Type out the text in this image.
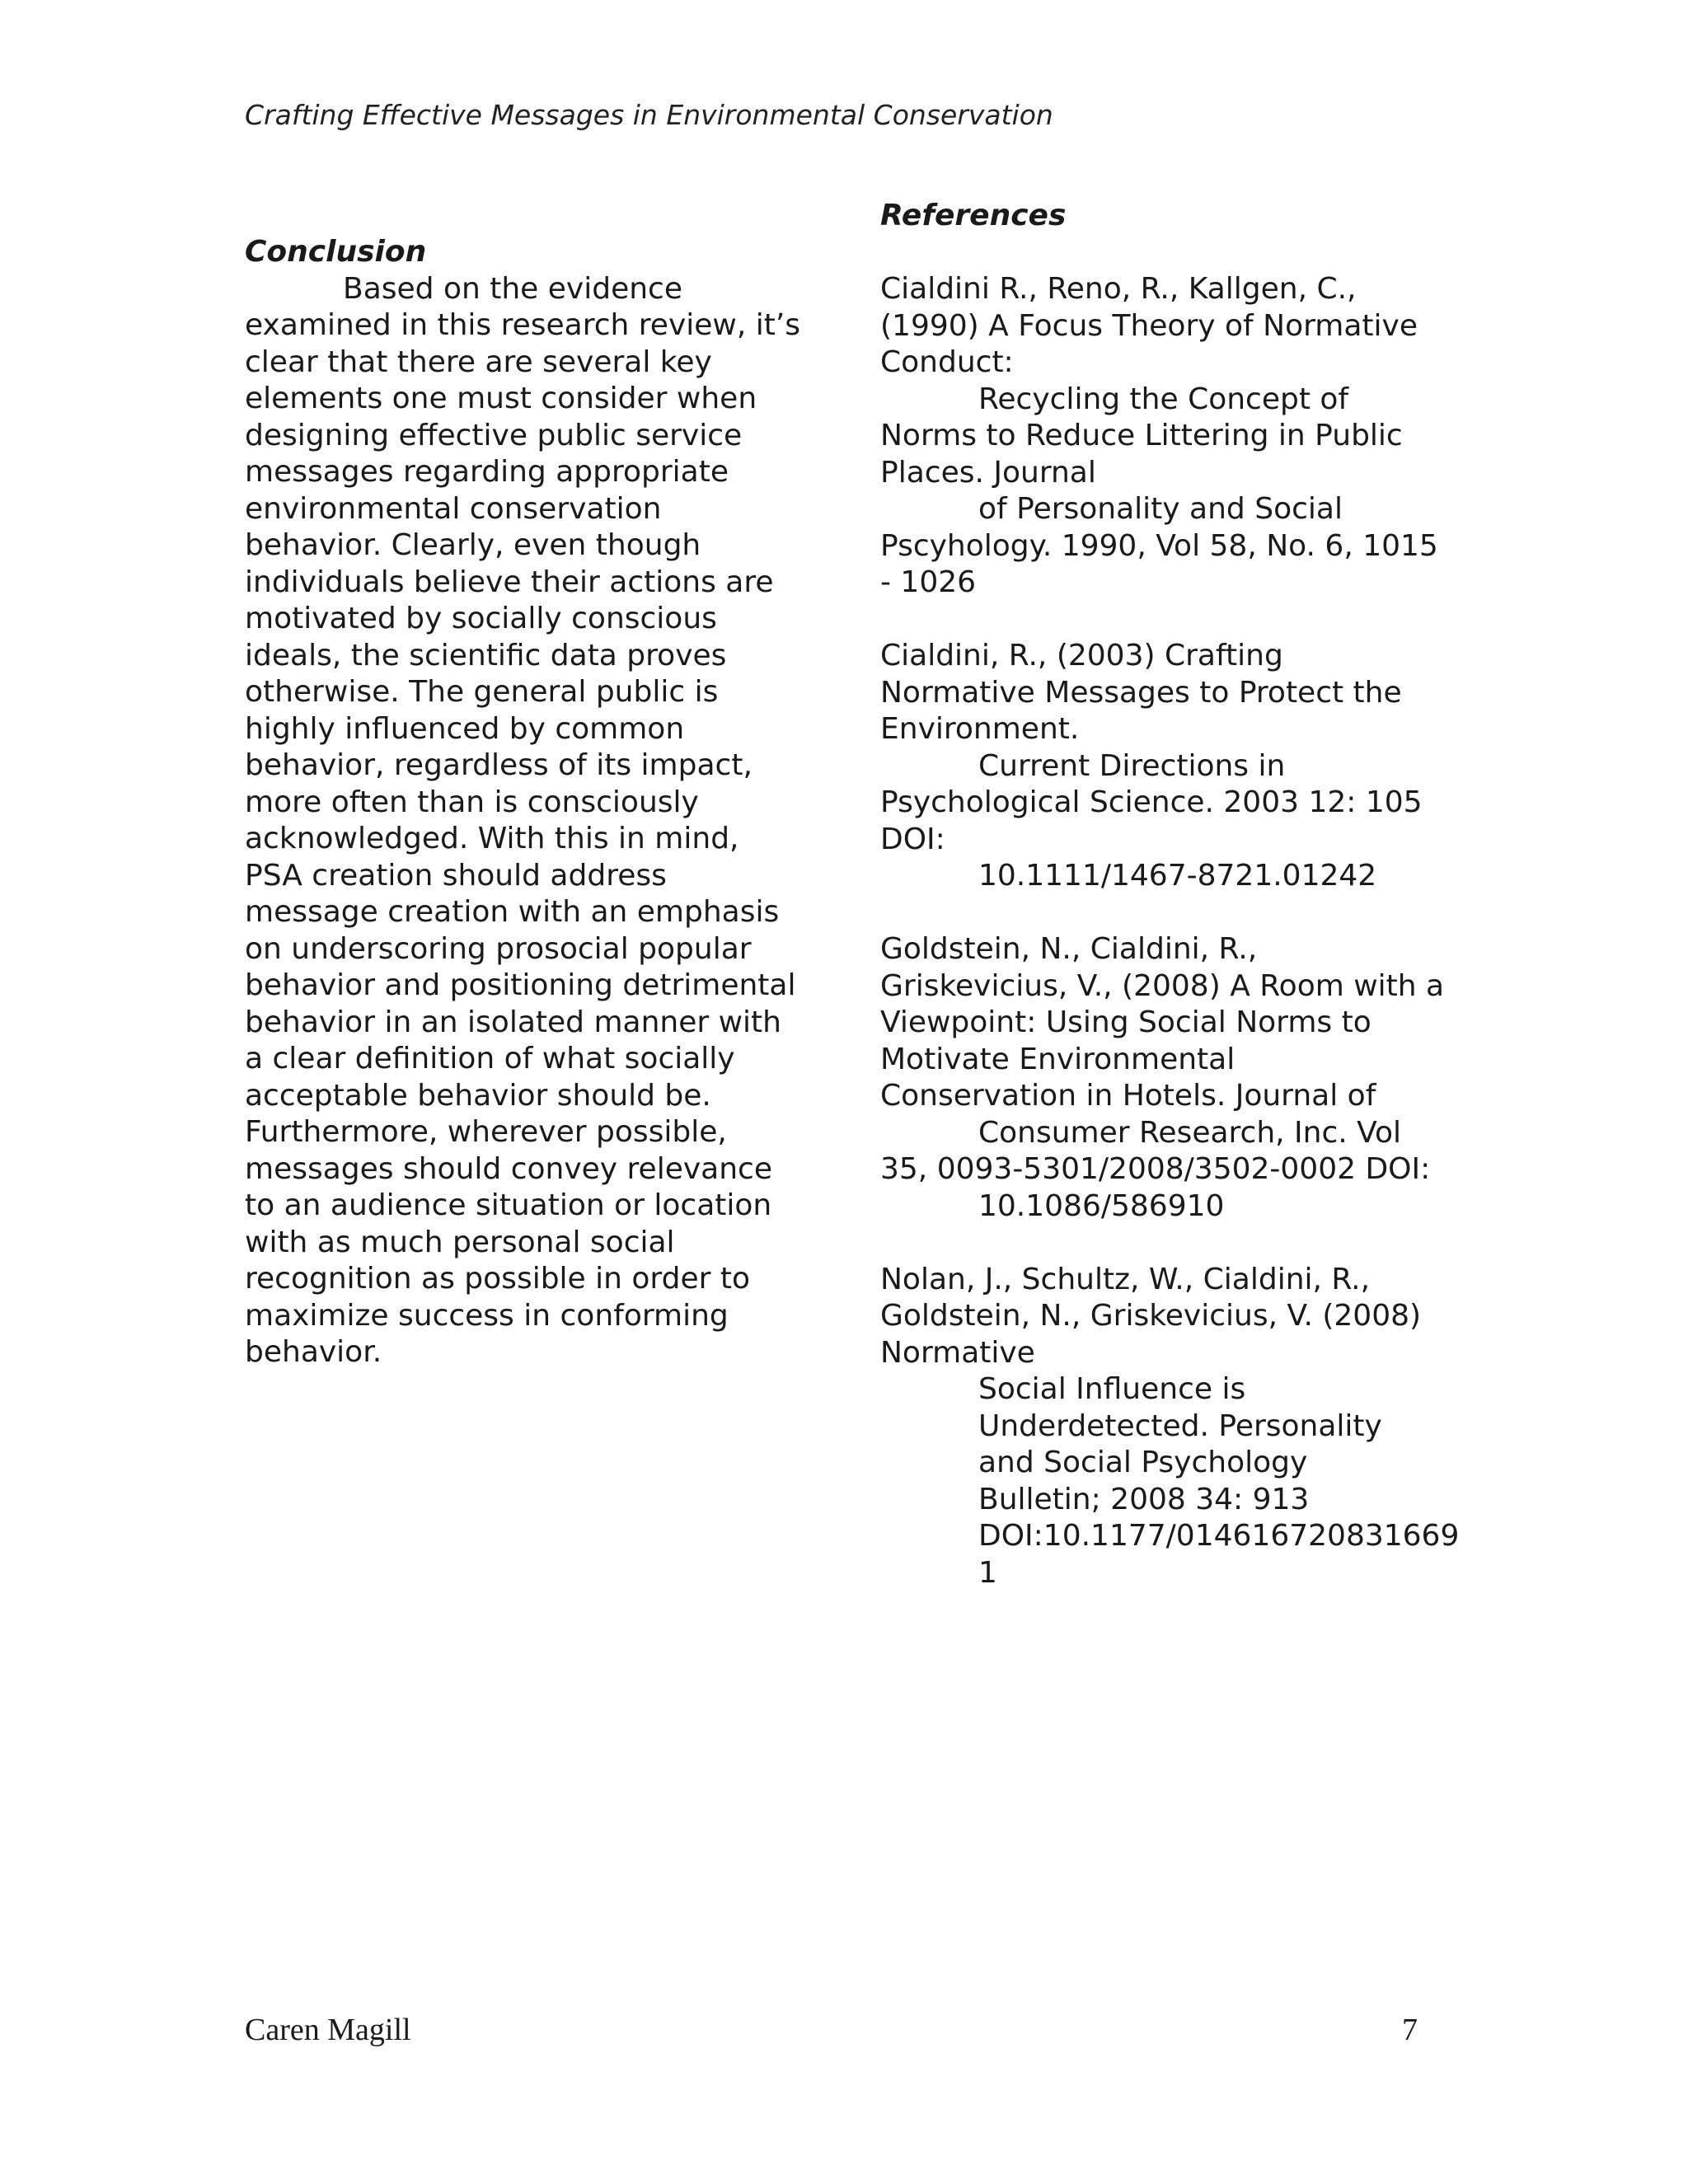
Crafting Effective Messages in Environmental Conservation
Conclusion
Based on the evidence
examined in this research review, it’s
clear that there are several key
elements one must consider when
designing effective public service
messages regarding appropriate
environmental conservation
behavior. Clearly, even though
individuals believe their actions are
motivated by socially conscious
ideals, the scientific data proves
otherwise. The general public is
highly influenced by common
behavior, regardless of its impact,
more often than is consciously
acknowledged. With this in mind,
PSA creation should address
message creation with an emphasis
on underscoring prosocial popular
behavior and positioning detrimental
behavior in an isolated manner with
a clear definition of what socially
acceptable behavior should be.
Furthermore, wherever possible,
messages should convey relevance
to an audience situation or location
with as much personal social
recognition as possible in order to
maximize success in conforming
behavior.
References
Cialdini R., Reno, R., Kallgen, C.,
(1990) A Focus Theory of Normative
Conduct:
Recycling the Concept of
Norms to Reduce Littering in Public
Places. Journal
of Personality and Social
Pscyhology. 1990, Vol 58, No. 6, 1015
- 1026
Cialdini, R., (2003) Crafting
Normative Messages to Protect the
Environment.
Current Directions in
Psychological Science. 2003 12: 105
DOI:
10.1111/1467-8721.01242
Goldstein, N., Cialdini, R.,
Griskevicius, V., (2008) A Room with a
Viewpoint: Using Social Norms to
Motivate Environmental
Conservation in Hotels. Journal of
Consumer Research, Inc. Vol
35, 0093-5301/2008/3502-0002 DOI:
10.1086/586910
Nolan, J., Schultz, W., Cialdini, R.,
Goldstein, N., Griskevicius, V. (2008)
Normative
Social Influence is
Underdetected. Personality
and Social Psychology
Bulletin; 2008 34: 913
DOI:10.1177/014616720831669
1
Caren Magill	7
